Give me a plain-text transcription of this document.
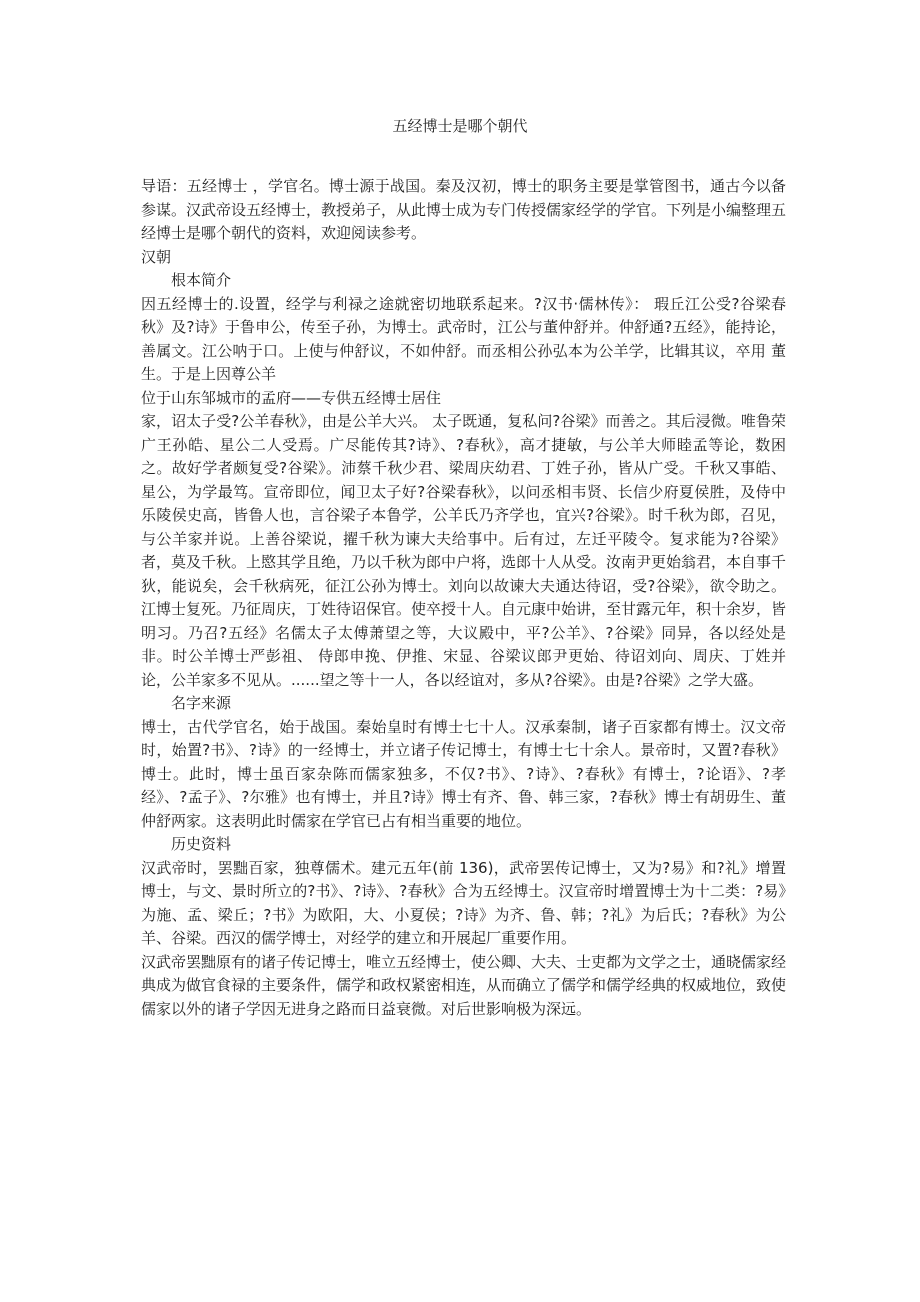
五经博士是哪个朝代

导语：五经博士 ，学官名。博士源于战国。秦及汉初，博士的职务主要是掌管图书，通古今以备参谋。汉武帝设五经博士，教授弟子，从此博士成为专门传授儒家经学的学官。下列是小编整理五经博士是哪个朝代的资料，欢迎阅读参考。

汉朝

根本简介

因五经博士的.设置，经学与利禄之途就密切地联系起来。?汉书·儒林传》： 瑕丘江公受?谷梁春秋》及?诗》于鲁申公，传至子孙，为博士。武帝时，江公与董仲舒并。仲舒通?五经》，能持论，善属文。江公呐于口。上使与仲舒议，不如仲舒。而丞相公孙弘本为公羊学，比辑其议，卒用 董生。于是上因尊公羊

位于山东邹城市的孟府——专供五经博士居住

家，诏太子受?公羊春秋》，由是公羊大兴。 太子既通，复私问?谷梁》而善之。其后浸微。唯鲁荣广王孙皓、星公二人受焉。广尽能传其?诗》、?春秋》，高才捷敏，与公羊大师睦孟等论，数困之。故好学者颇复受?谷梁》。沛蔡千秋少君、梁周庆幼君、丁姓子孙，皆从广受。千秋又事皓、星公，为学最笃。宣帝即位，闻卫太子好?谷梁春秋》，以问丞相韦贤、长信少府夏侯胜，及侍中乐陵侯史高，皆鲁人也，言谷梁子本鲁学，公羊氏乃齐学也，宜兴?谷梁》。时千秋为郎，召见，与公羊家并说。上善谷梁说，擢千秋为谏大夫给事中。后有过，左迁平陵令。复求能为?谷梁》者，莫及千秋。上愍其学且绝，乃以千秋为郎中户将，选郎十人从受。汝南尹更始翁君，本自事千狄，能说矣，会千秋病死，征江公孙为博士。刘向以故谏大夫通达待诏，受?谷梁》，欲令助之。江博士复死。乃征周庆，丁姓待诏保官。使卒授十人。自元康中始讲，至甘露元年，积十余岁，皆明习。乃召?五经》名儒太子太傅萧望之等，大议殿中，平?公羊》、?谷梁》同异，各以经处是非。时公羊博士严彭祖、 侍郎申挽、伊推、宋显、谷梁议郎尹更始、待诏刘向、周庆、丁姓并论，公羊家多不见从。......望之等十一人，各以经谊对，多从?谷梁》。由是?谷梁》之学大盛。

名字来源

博士，古代学官名，始于战国。秦始皇时有博士七十人。汉承秦制，诸子百家都有博士。汉文帝时，始置?书》、?诗》的一经博士，并立诸子传记博士，有博士七十余人。景帝时，又置?春秋》博士。此时，博士虽百家杂陈而儒家独多，不仅?书》、?诗》、?春秋》有博士，?论语》、?孝经》、?孟子》、?尔雅》也有博士，并且?诗》博士有齐、鲁、韩三家，?春秋》博士有胡毋生、董仲舒两家。这表明此时儒家在学官已占有相当重要的地位。

历史资料

汉武帝时，罢黜百家，独尊儒术。建元五年(前 136)，武帝罢传记博士，又为?易》和?礼》增置博士，与文、景时所立的?书》、?诗》、?春秋》合为五经博士。汉宣帝时增置博士为十二类：?易》为施、孟、梁丘；?书》为欧阳，大、小夏侯；?诗》为齐、鲁、韩；?礼》为后氏；?春秋》为公羊、谷梁。西汉的儒学博士，对经学的建立和开展起厂重要作用。

汉武帝罢黜原有的诸子传记博士，唯立五经博士，使公卿、大夫、士吏都为文学之士，通晓儒家经典成为做官食禄的主要条件，儒学和政权紧密相连，从而确立了儒学和儒学经典的权威地位，致使儒家以外的诸子学因无进身之路而日益衰微。对后世影响极为深远。
